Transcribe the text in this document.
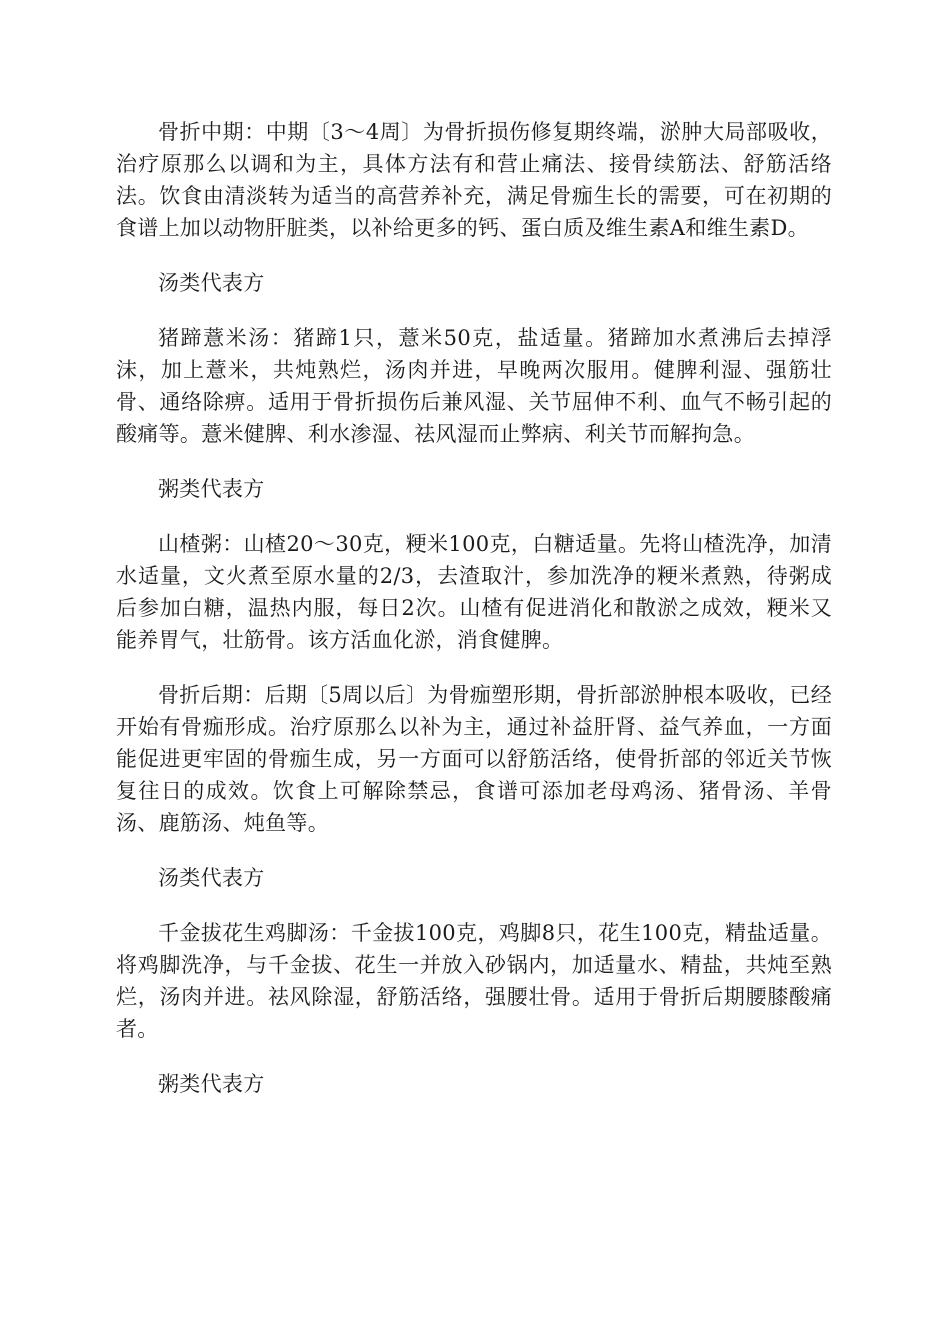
骨折中期：中期〔3～4周〕为骨折损伤修复期终端，淤肿大局部吸收，治疗原那么以调和为主，具体方法有和营止痛法、接骨续筋法、舒筋活络法。饮食由清淡转为适当的高营养补充，满足骨痂生长的需要，可在初期的食谱上加以动物肝脏类，以补给更多的钙、蛋白质及维生素A和维生素D。

汤类代表方

猪蹄薏米汤：猪蹄1只，薏米50克，盐适量。猪蹄加水煮沸后去掉浮沫，加上薏米，共炖熟烂，汤肉并进，早晚两次服用。健脾利湿、强筋壮骨、通络除痹。适用于骨折损伤后兼风湿、关节屈伸不利、血气不畅引起的酸痛等。薏米健脾、利水渗湿、祛风湿而止弊病、利关节而解拘急。

粥类代表方

山楂粥：山楂20～30克，粳米100克，白糖适量。先将山楂洗净，加清水适量，文火煮至原水量的2/3，去渣取汁，参加洗净的粳米煮熟，待粥成后参加白糖，温热内服，每日2次。山楂有促进消化和散淤之成效，粳米又能养胃气，壮筋骨。该方活血化淤，消食健脾。

骨折后期：后期〔5周以后〕为骨痂塑形期，骨折部淤肿根本吸收，已经开始有骨痂形成。治疗原那么以补为主，通过补益肝肾、益气养血，一方面能促进更牢固的骨痂生成，另一方面可以舒筋活络，使骨折部的邻近关节恢复往日的成效。饮食上可解除禁忌，食谱可添加老母鸡汤、猪骨汤、羊骨汤、鹿筋汤、炖鱼等。

汤类代表方

千金拔花生鸡脚汤：千金拔100克，鸡脚8只，花生100克，精盐适量。将鸡脚洗净，与千金拔、花生一并放入砂锅内，加适量水、精盐，共炖至熟烂，汤肉并进。祛风除湿，舒筋活络，强腰壮骨。适用于骨折后期腰膝酸痛者。

粥类代表方
